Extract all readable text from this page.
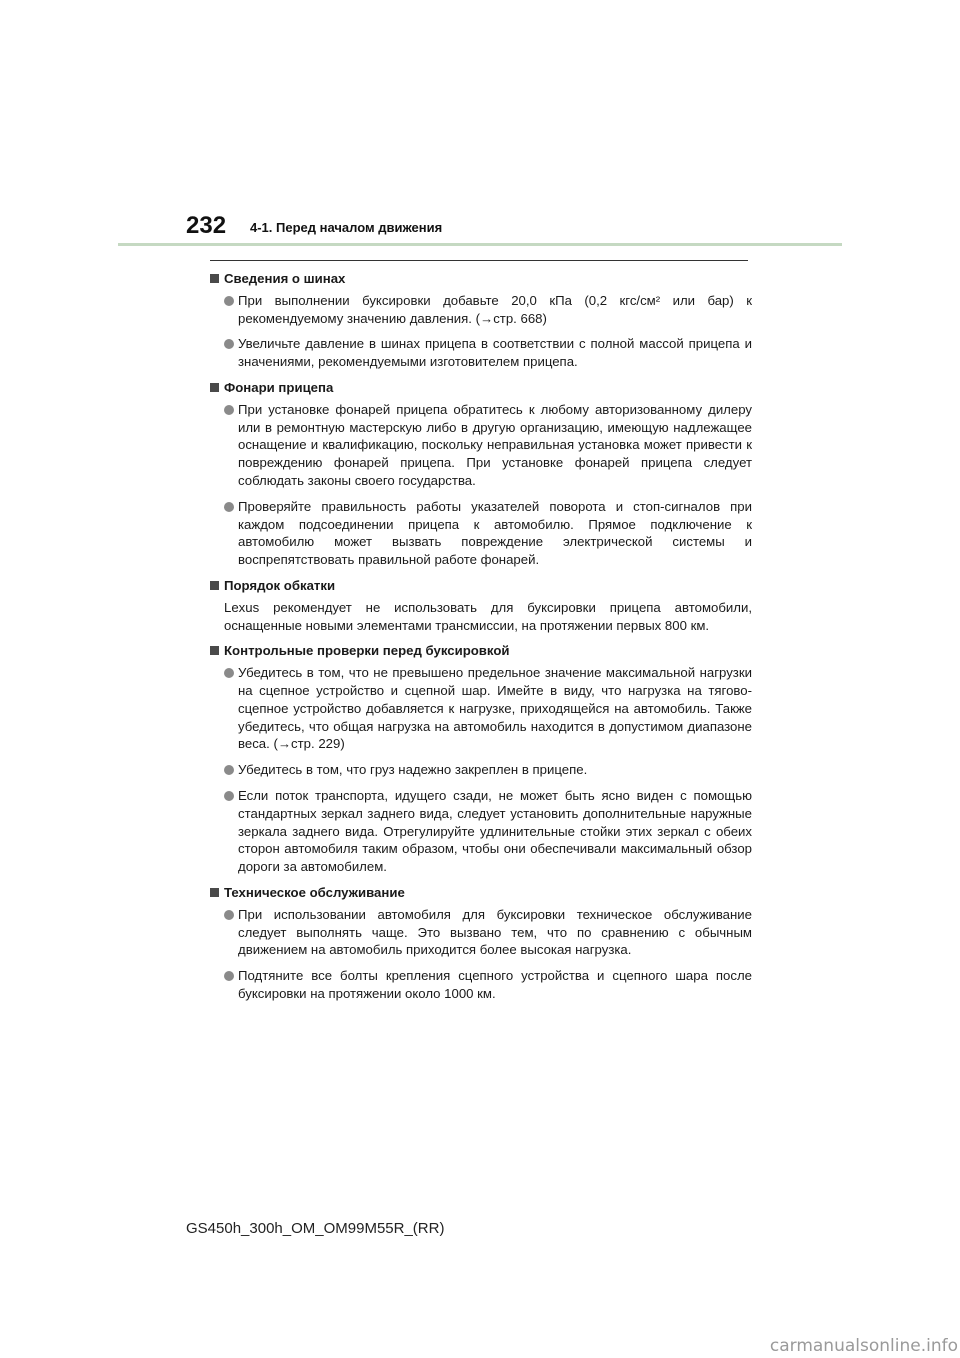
232 4-1. Перед началом движения
Сведения о шинах
При выполнении буксировки добавьте 20,0 кПа (0,2 кгс/см² или бар) к рекомендуемому значению давления. (→стр. 668)
Увеличьте давление в шинах прицепа в соответствии с полной массой прицепа и значениями, рекомендуемыми изготовителем прицепа.
Фонари прицепа
При установке фонарей прицепа обратитесь к любому авторизованному дилеру или в ремонтную мастерскую либо в другую организацию, имеющую надлежащее оснащение и квалификацию, поскольку неправильная установка может привести к повреждению фонарей прицепа. При установке фонарей прицепа следует соблюдать законы своего государства.
Проверяйте правильность работы указателей поворота и стоп-сигналов при каждом подсоединении прицепа к автомобилю. Прямое подключение к автомобилю может вызвать повреждение электрической системы и воспрепятствовать правильной работе фонарей.
Порядок обкатки
Lexus рекомендует не использовать для буксировки прицепа автомобили, оснащенные новыми элементами трансмиссии, на протяжении первых 800 км.
Контрольные проверки перед буксировкой
Убедитесь в том, что не превышено предельное значение максимальной нагрузки на сцепное устройство и сцепной шар. Имейте в виду, что нагрузка на тягово-сцепное устройство добавляется к нагрузке, приходящейся на автомобиль. Также убедитесь, что общая нагрузка на автомобиль находится в допустимом диапазоне веса. (→стр. 229)
Убедитесь в том, что груз надежно закреплен в прицепе.
Если поток транспорта, идущего сзади, не может быть ясно виден с помощью стандартных зеркал заднего вида, следует установить дополнительные наружные зеркала заднего вида. Отрегулируйте удлинительные стойки этих зеркал с обеих сторон автомобиля таким образом, чтобы они обеспечивали максимальный обзор дороги за автомобилем.
Техническое обслуживание
При использовании автомобиля для буксировки техническое обслуживание следует выполнять чаще. Это вызвано тем, что по сравнению с обычным движением на автомобиль приходится более высокая нагрузка.
Подтяните все болты крепления сцепного устройства и сцепного шара после буксировки на протяжении около 1000 км.
GS450h_300h_OM_OM99M55R_(RR)
carmanualsonline.info
